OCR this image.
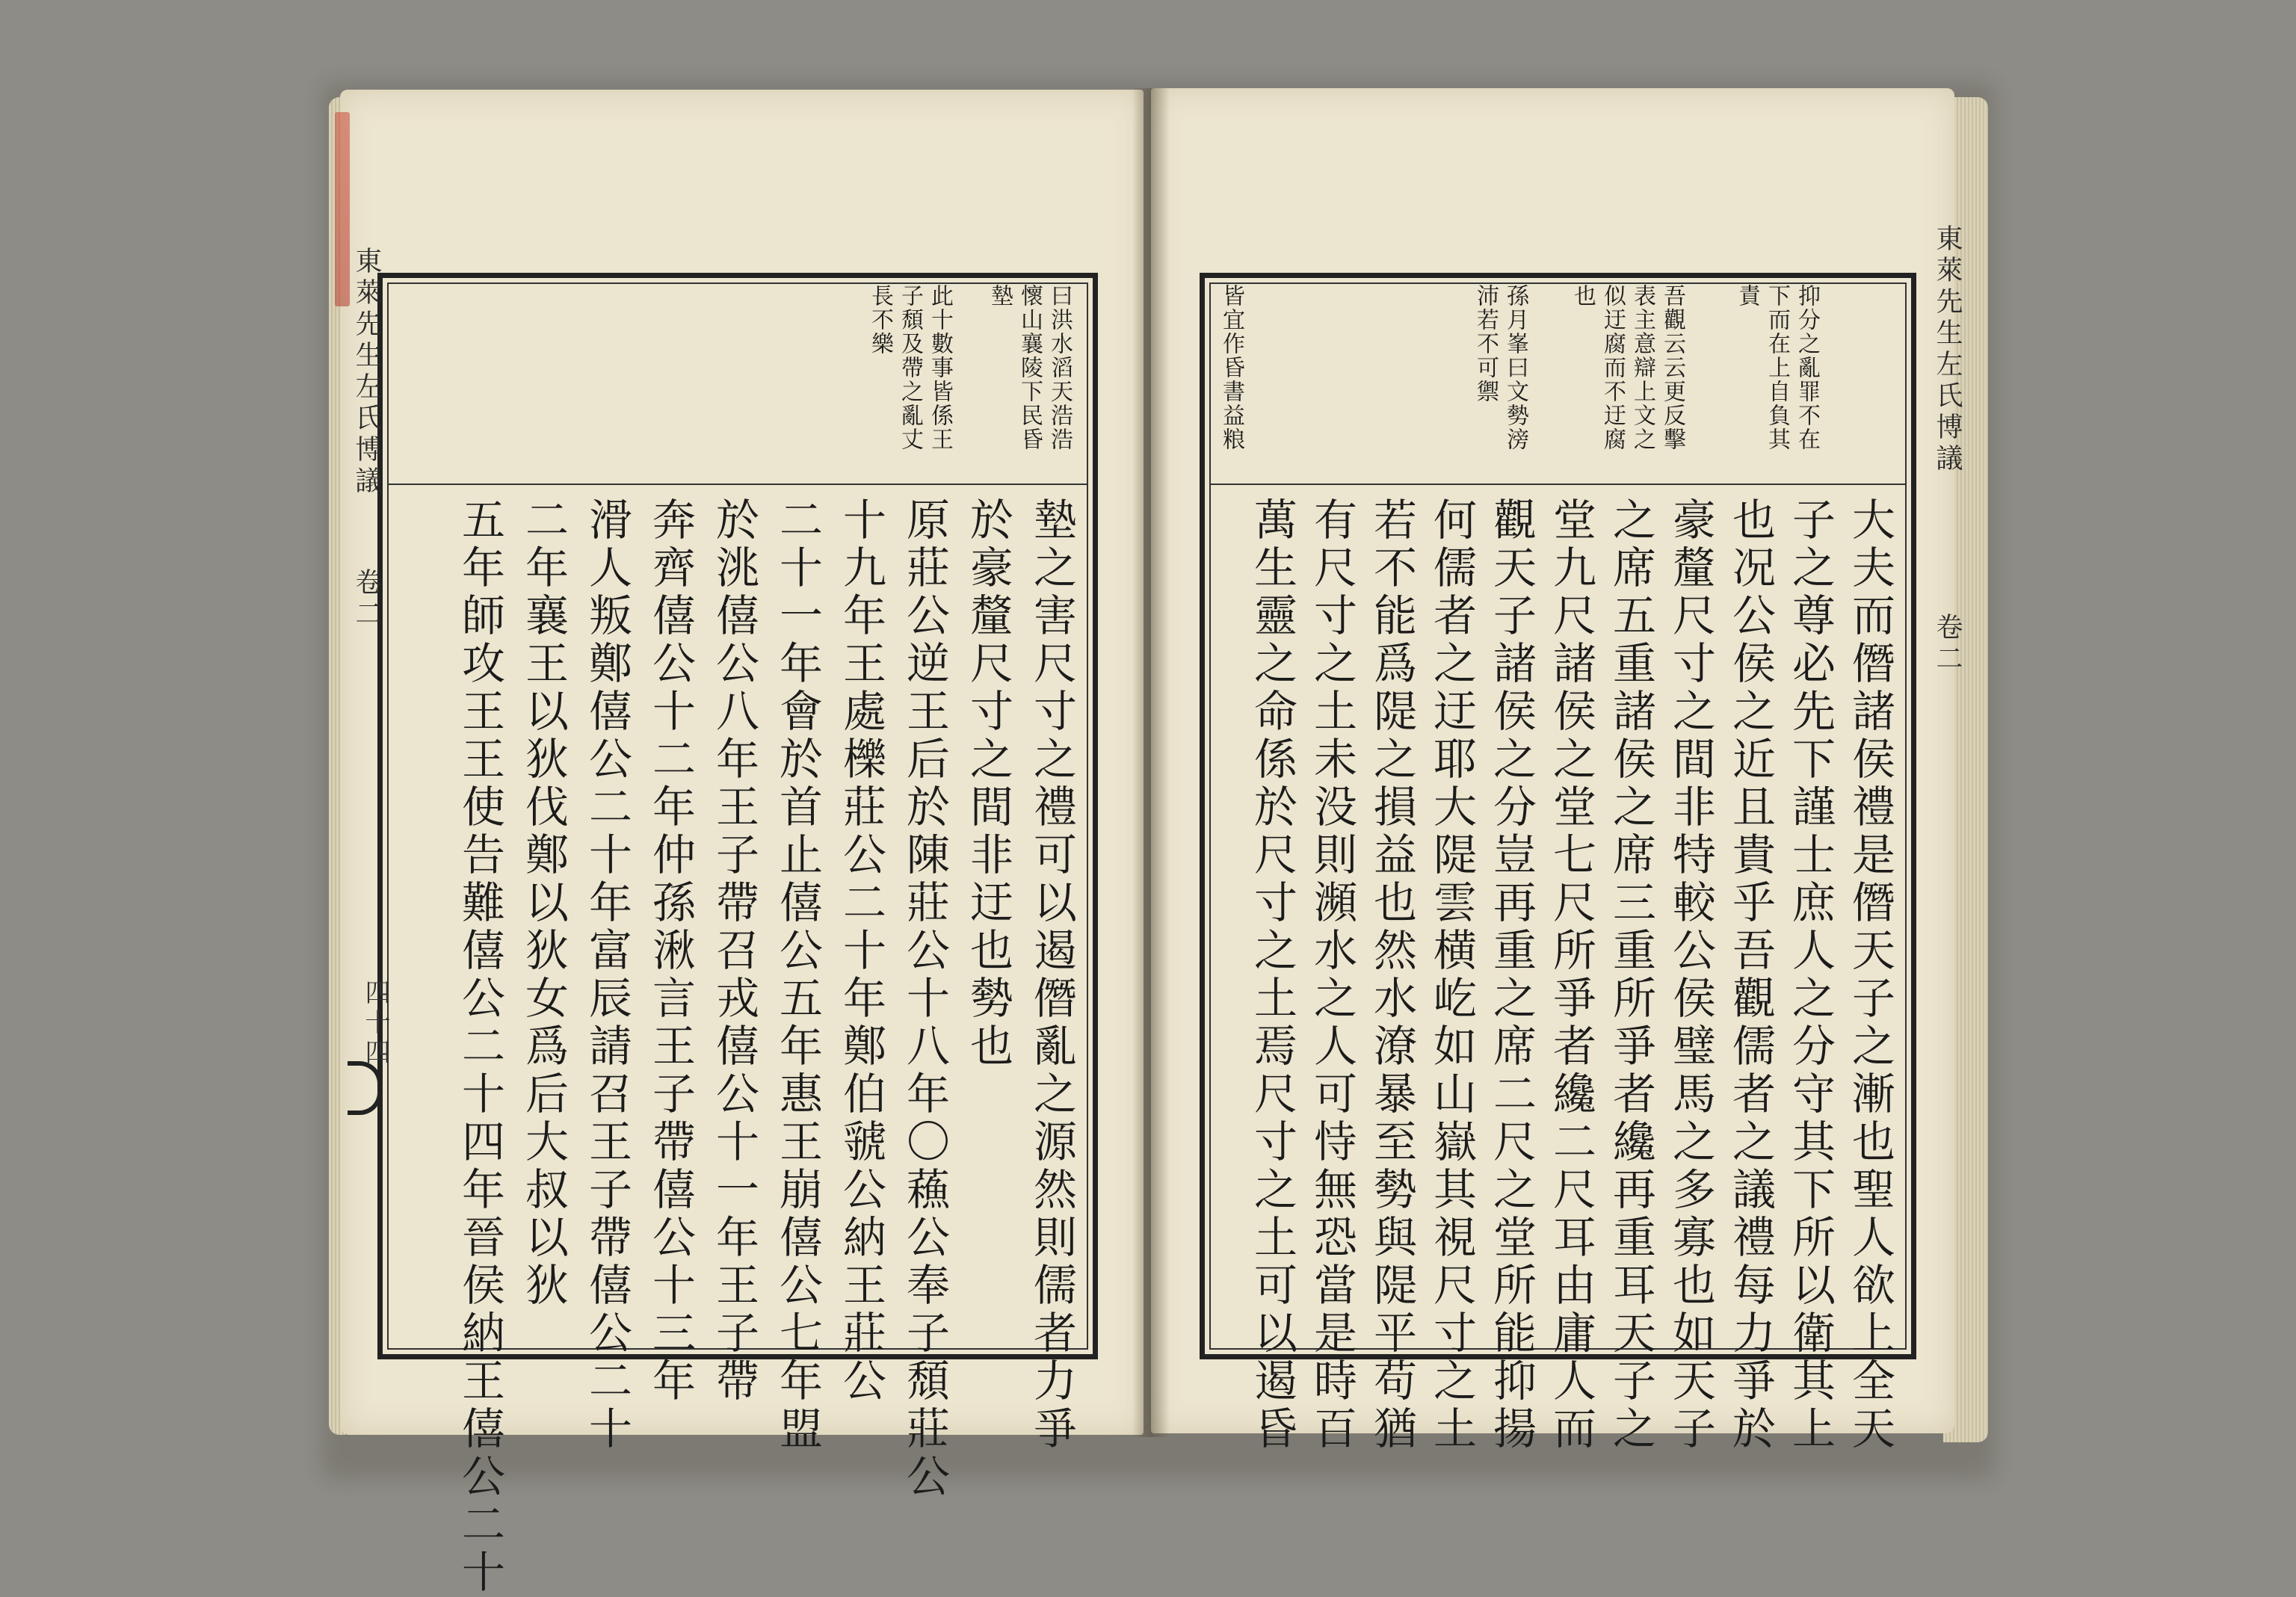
東萊先生左氏博議
卷二
四十四
曰洪水滔天浩浩
懷山襄陵下民昏
墊
此十數事皆係王
子頹及帶之亂丈
長不樂
墊之害尺寸之禮可以遏僭亂之源然則儒者力爭
於豪釐尺寸之間非迂也勢也
原莊公逆王后於陳莊公十八年〇蘓公奉子頹莊公
十九年王處櫟莊公二十年鄭伯虢公納王莊公
二十一年會於首止僖公五年惠王崩僖公七年盟
於洮僖公八年王子帶召戎僖公十一年王子帶
奔齊僖公十二年仲孫湫言王子帶僖公十三年
滑人叛鄭僖公二十年富辰請召王子帶僖公二十
二年襄王以狄伐鄭以狄女爲后大叔以狄
五年師攻王王使告難僖公二十四年晉侯納王僖公二十
東萊先生左氏博議
卷二
抑分之亂罪不在
下而在上自負其
責
吾觀云云更反擊
表主意辯上文之
似迂腐而不迂腐
也
孫月峯曰文勢滂
沛若不可禦
皆宜作昏書益粮
大夫而僭諸侯禮是僭天子之漸也聖人欲上全天
子之尊必先下謹士庶人之分守其下所以衛其上
也况公侯之近且貴乎吾觀儒者之議禮每力爭於
豪釐尺寸之間非特較公侯璧馬之多寡也如天子
之席五重諸侯之席三重所爭者纔再重耳天子之
堂九尺諸侯之堂七尺所爭者纔二尺耳由庸人而
觀天子諸侯之分豈再重之席二尺之堂所能抑揚
何儒者之迂耶大隄雲横屹如山嶽其視尺寸之土
若不能爲隄之損益也然水潦暴至勢與隄平苟猶
有尺寸之土未没則瀕水之人可恃無恐當是時百
萬生靈之命係於尺寸之土焉尺寸之土可以遏昏
